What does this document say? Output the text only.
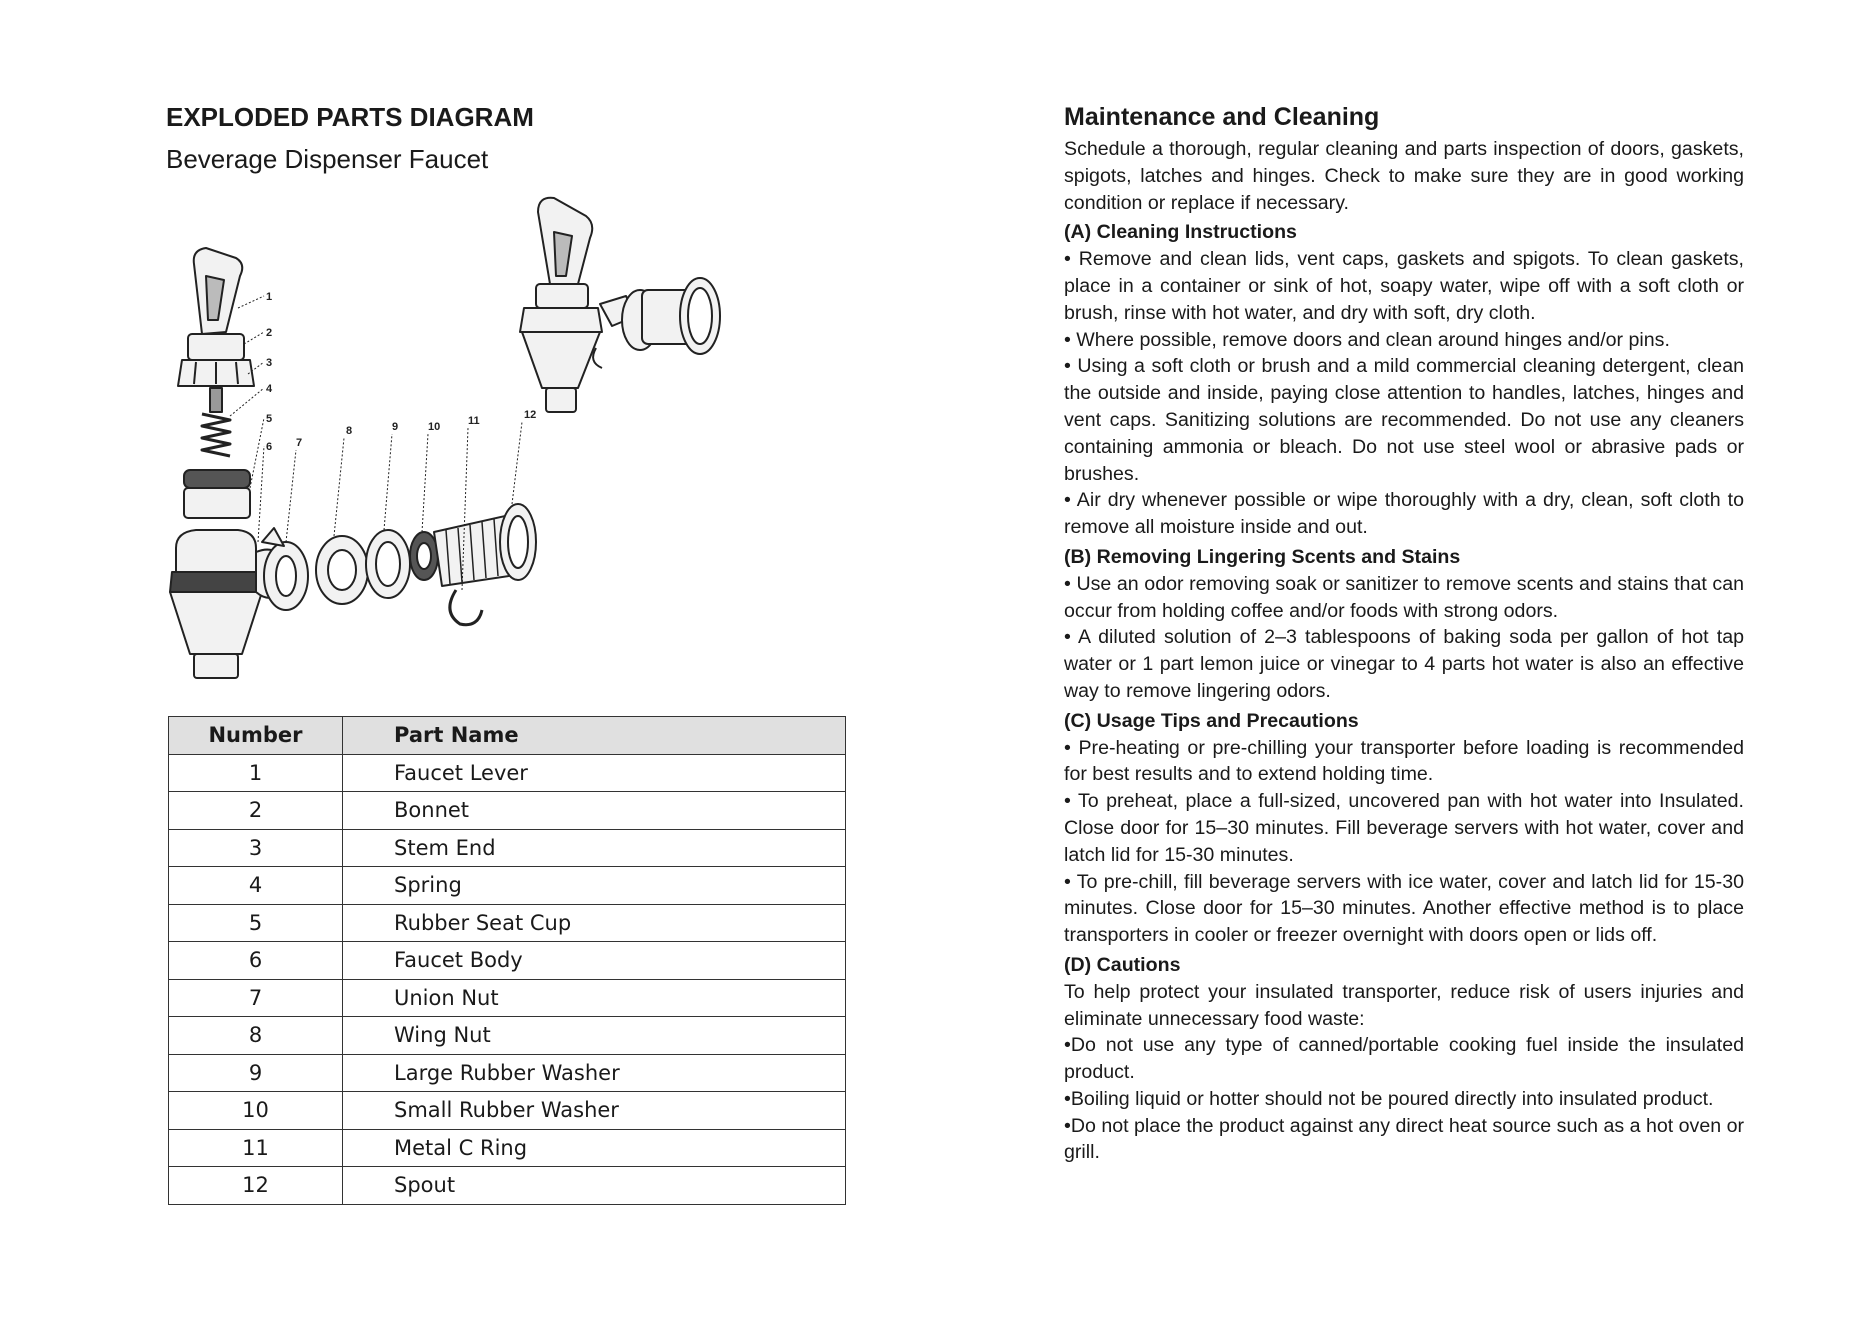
EXPLODED PARTS DIAGRAM
Beverage Dispenser Faucet
1
2
3
4
5
6 7
8	9	10	11	12
Number	Part Name
1	Faucet Lever
2	Bonnet
3	Stem End
4	Spring
5	Rubber Seat Cup
6	Faucet Body
7	Union Nut
8	Wing Nut
9	Large Rubber Washer
10	Small Rubber Washer
11	Metal C Ring
12	Spout
Maintenance and Cleaning

Schedule a thorough, regular cleaning and parts inspection of doors, gaskets, spigots, latches and hinges. Check to make sure they are in good working condition or replace if necessary.

(A) Cleaning Instructions

• Remove and clean lids, vent caps, gaskets and spigots. To clean gaskets, place in a container or sink of hot, soapy water, wipe off with a soft cloth or brush, rinse with hot water, and dry with soft, dry cloth.

• Where possible, remove doors and clean around hinges and/or pins.

• Using a soft cloth or brush and a mild commercial cleaning detergent, clean the outside and inside, paying close attention to handles, latches, hinges and vent caps. Sanitizing solutions are recommended. Do not use any cleaners containing ammonia or bleach. Do not use steel wool or abrasive pads or brushes.

• Air dry whenever possible or wipe thoroughly with a dry, clean, soft cloth to remove all moisture inside and out.

(B) Removing Lingering Scents and Stains

• Use an odor removing soak or sanitizer to remove scents and stains that can occur from holding coffee and/or foods with strong odors.

• A diluted solution of 2–3 tablespoons of baking soda per gallon of hot tap water or 1 part lemon juice or vinegar to 4 parts hot water is also an effective way to remove lingering odors.

(C) Usage Tips and Precautions

• Pre-heating or pre-chilling your transporter before loading is recommended for best results and to extend holding time.

• To preheat, place a full-sized, uncovered pan with hot water into Insulated. Close door for 15–30 minutes. Fill beverage servers with hot water, cover and latch lid for 15-30 minutes.

• To pre-chill, fill beverage servers with ice water, cover and latch lid for 15-30 minutes. Close door for 15–30 minutes. Another effective method is to place transporters in cooler or freezer overnight with doors open or lids off.

(D) Cautions

To help protect your insulated transporter, reduce risk of users injuries and eliminate unnecessary food waste:

•Do not use any type of canned/portable cooking fuel inside the insulated product.

•Boiling liquid or hotter should not be poured directly into insulated product.

•Do not place the product against any direct heat source such as a hot oven or grill.
